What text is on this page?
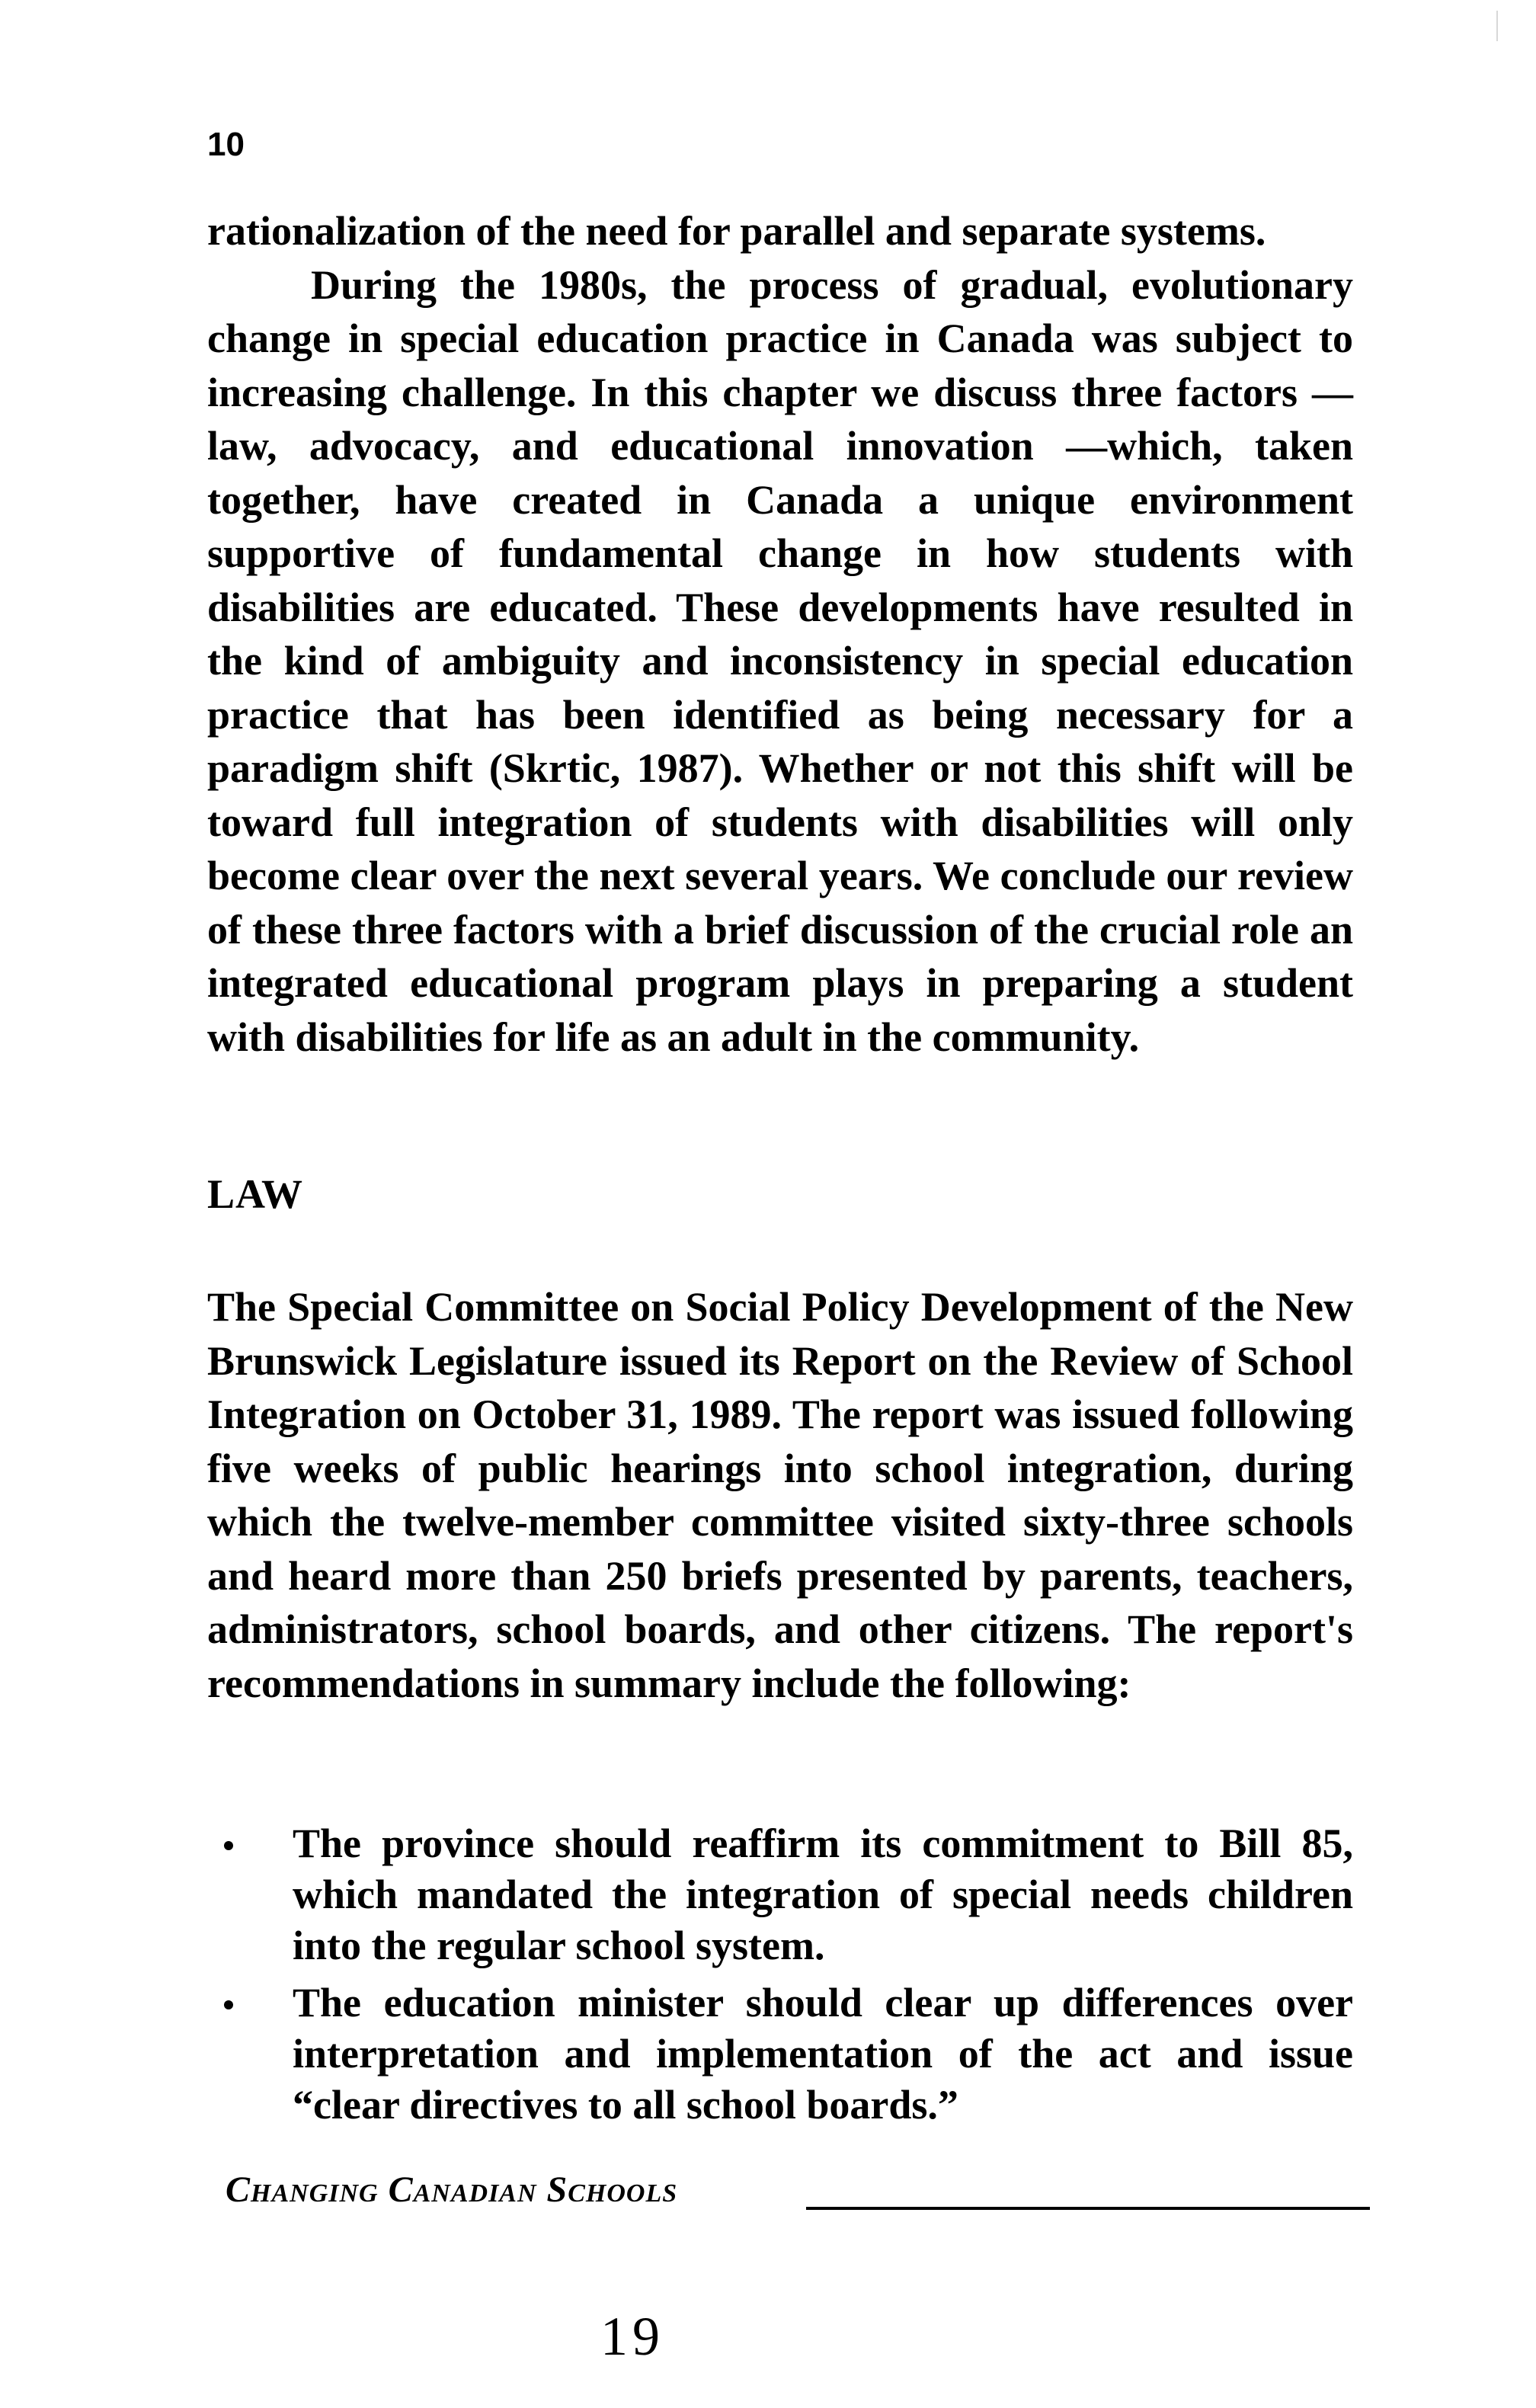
10

rationalization of the need for parallel and separate systems.

During the 1980s, the process of gradual, evolutionary change in special education practice in Canada was subject to increasing challenge. In this chapter we discuss three factors —law, advocacy, and educational innovation —which, taken together, have created in Canada a unique environment supportive of fundamental change in how students with disabilities are educated. These developments have resulted in the kind of ambiguity and inconsistency in special education practice that has been identified as being necessary for a paradigm shift (Skrtic, 1987). Whether or not this shift will be toward full integration of students with disabilities will only become clear over the next several years. We conclude our review of these three factors with a brief discussion of the crucial role an integrated educational program plays in preparing a student with disabilities for life as an adult in the community.

LAW

The Special Committee on Social Policy Development of the New Brunswick Legislature issued its Report on the Review of School Integration on October 31, 1989. The report was issued following five weeks of public hearings into school integration, during which the twelve-member committee visited sixty-three schools and heard more than 250 briefs presented by parents, teachers, administrators, school boards, and other citizens. The report's recommendations in summary include the following:

The province should reaffirm its commitment to Bill 85, which mandated the integration of special needs children into the regular school system.
The education minister should clear up differences over interpretation and implementation of the act and issue “clear directives to all school boards.”
Changing Canadian Schools
19
